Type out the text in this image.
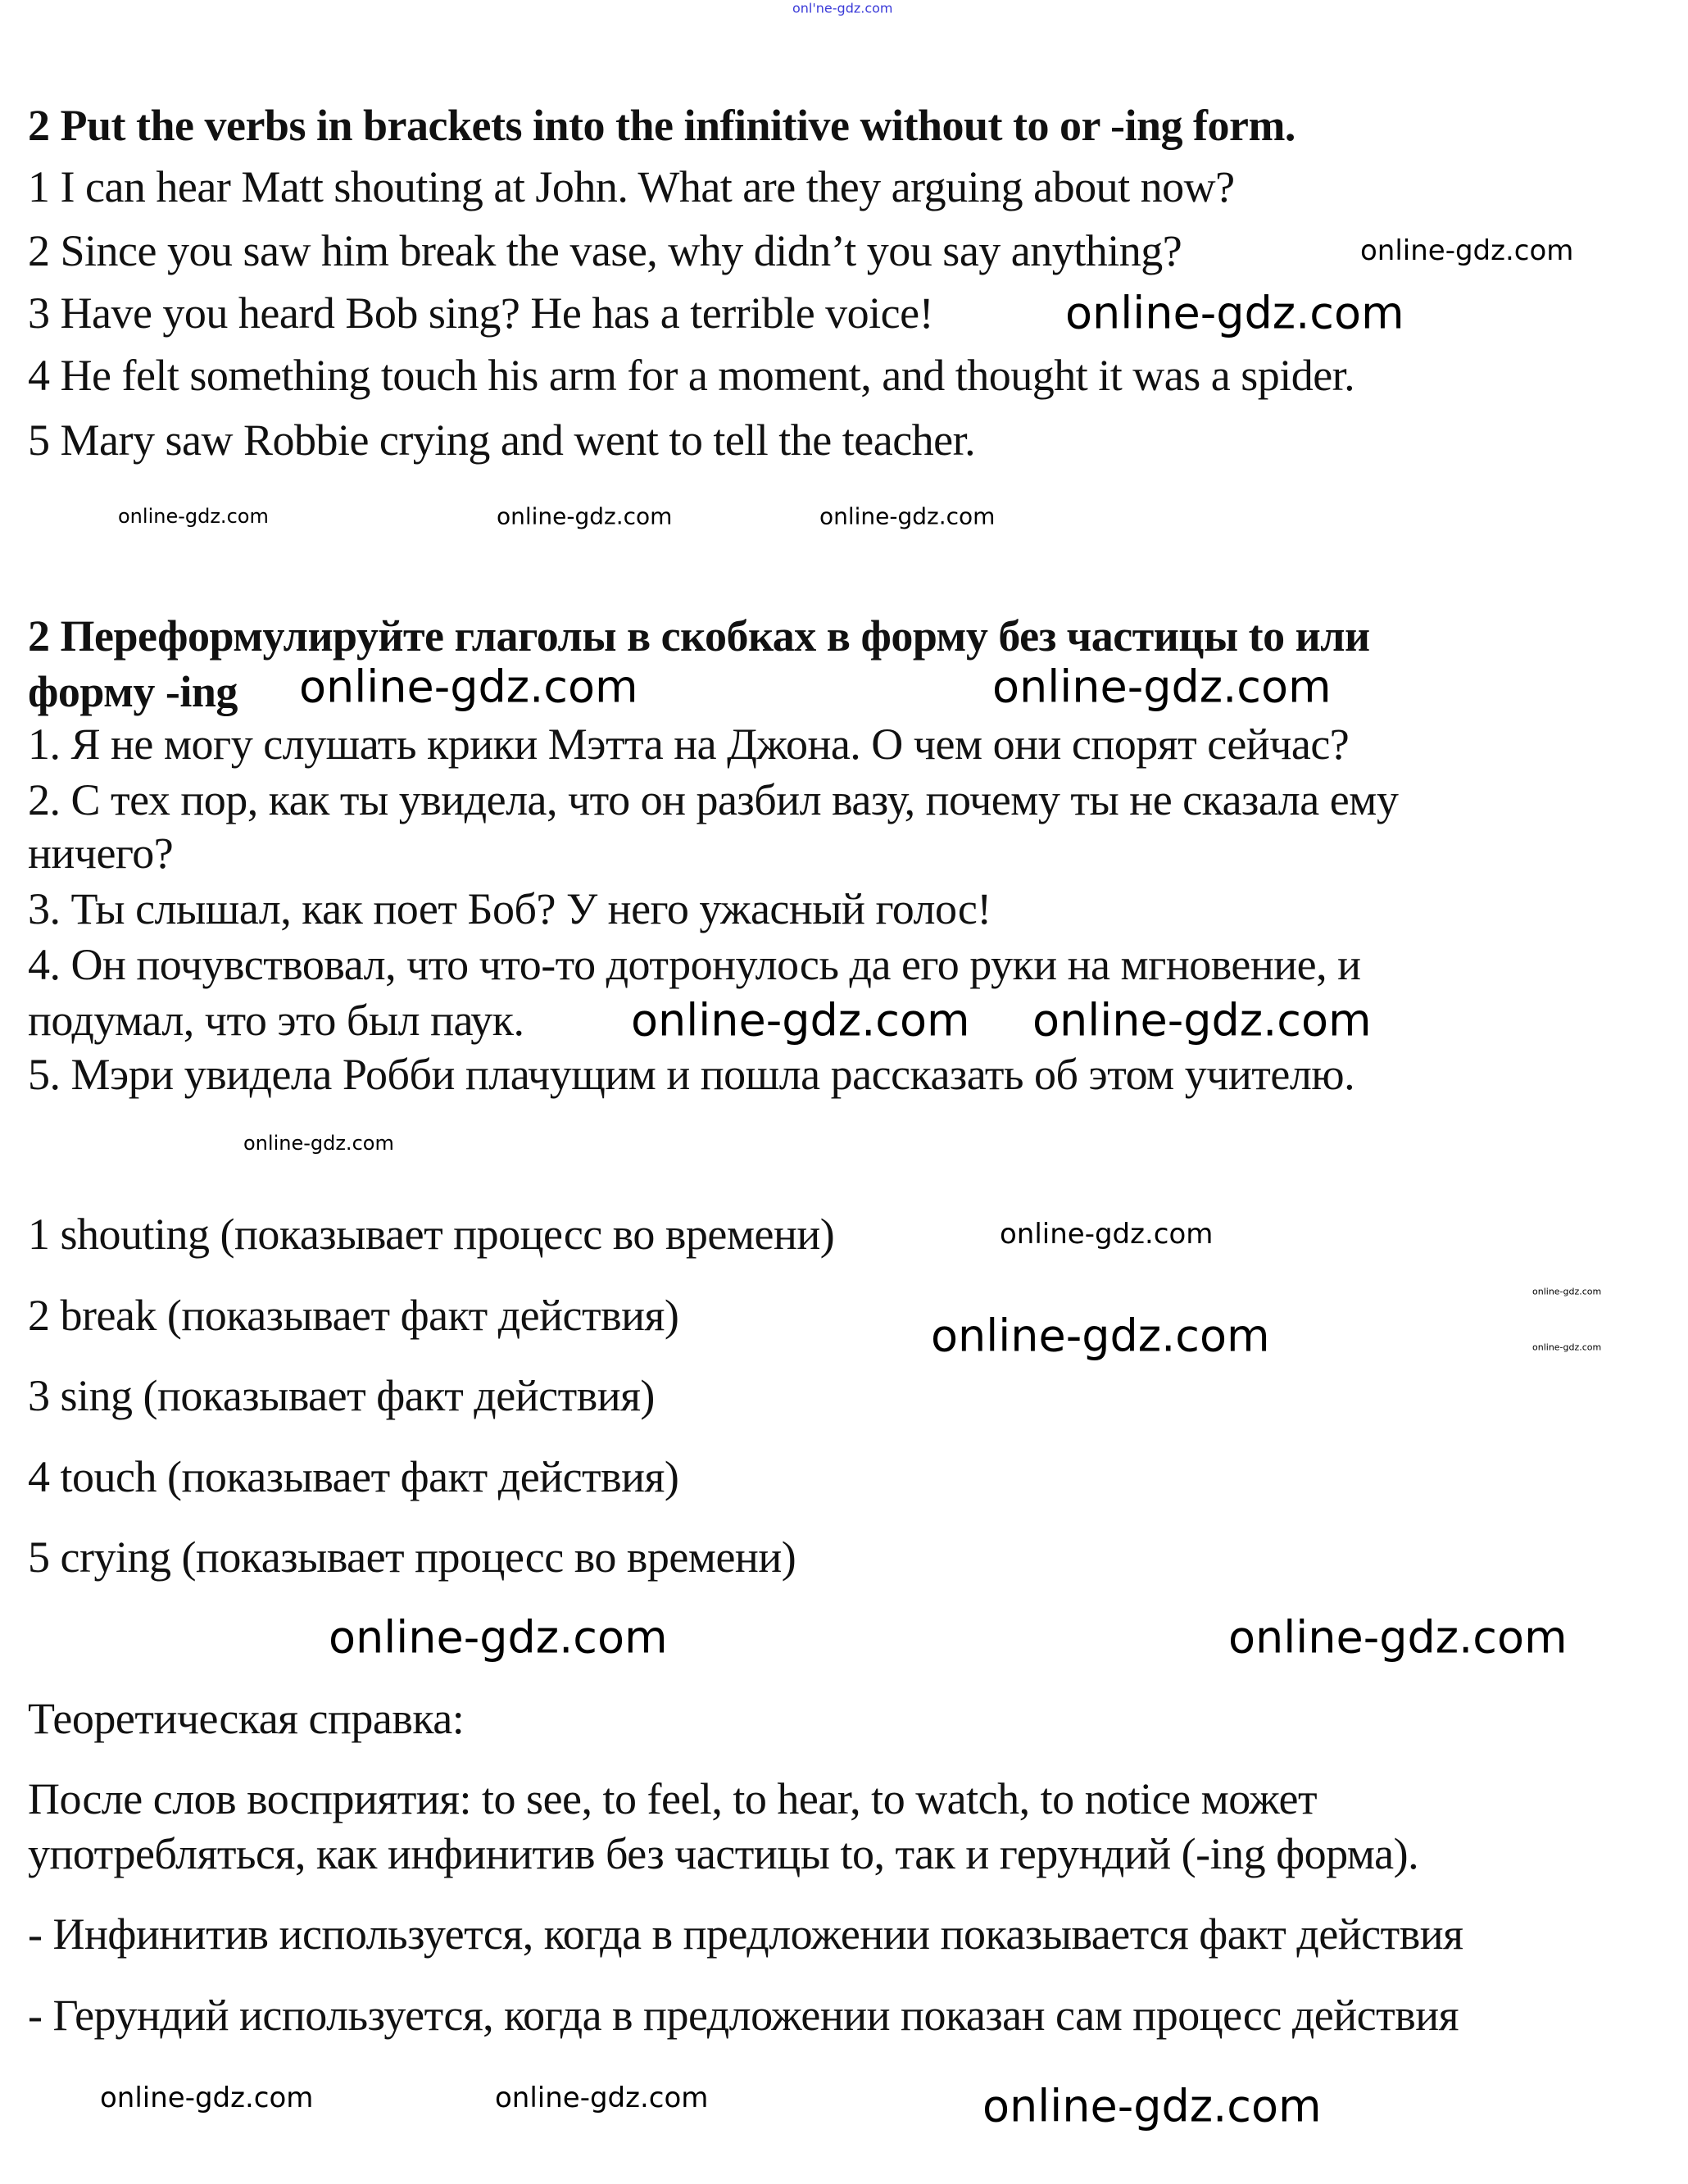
2 Put the verbs in brackets into the infinitive without to or -ing form.
1 I can hear Matt shouting at John. What are they arguing about now?
2 Since you saw him break the vase, why didn’t you say anything?
3 Have you heard Bob sing? He has a terrible voice!
4 He felt something touch his arm for a moment, and thought it was a spider.
5 Mary saw Robbie crying and went to tell the teacher.
2 Переформулируйте глаголы в скобках в форму без частицы to или
форму -ing
1. Я не могу слушать крики Мэтта на Джона. О чем они спорят сейчас?
2. С тех пор, как ты увидела, что он разбил вазу, почему ты не сказала ему
ничего?
3. Ты слышал, как поет Боб? У него ужасный голос!
4. Он почувствовал, что что-то дотронулось да его руки на мгновение, и
подумал, что это был паук.
5. Мэри увидела Робби плачущим и пошла рассказать об этом учителю.
1 shouting (показывает процесс во времени)
2 break (показывает факт действия)
3 sing (показывает факт действия)
4 touch (показывает факт действия)
5 crying (показывает процесс во времени)
Теоретическая справка:
После слов восприятия: to see, to feel, to hear, to watch, to notice может
употребляться, как инфинитив без частицы to, так и герундий (-ing форма).
- Инфинитив используется, когда в предложении показывается факт действия
- Герундий используется, когда в предложении показан сам процесс действия
onl'ne-gdz.com
online-gdz.com
online-gdz.com
online-gdz.com
online-gdz.com	online-gdz.com
online-gdz.com	online-gdz.com
online-gdz.com
online-gdz.com
online-gdz.com
online-gdz.com
online-gdz.com
online-gdz.com
online-gdz.com
online-gdz.com	online-gdz.com
online-gdz.com	online-gdz.com	online-gdz.com
